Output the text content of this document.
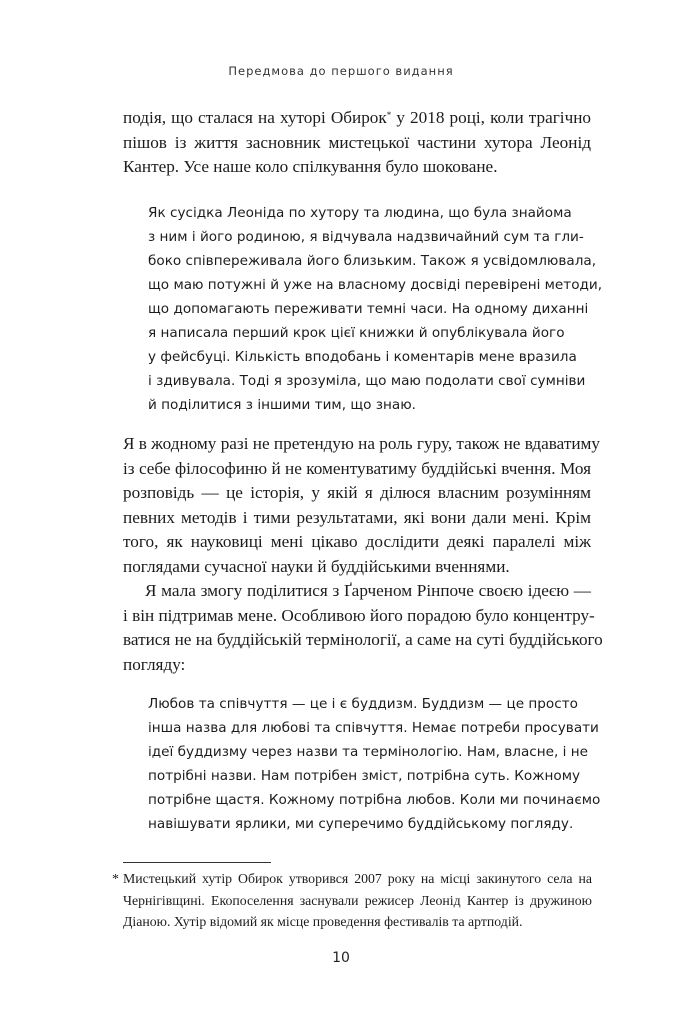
Передмова до першого видання
подія, що сталася на хуторі Обирок* у 2018 році, коли трагічно
пішов із життя засновник мистецької частини хутора Леонід
Кантер. Усе наше коло спілкування було шоковане.
Як сусідка Леоніда по хутору та людина, що була знайома
з ним і його родиною, я відчувала надзвичайний сум та гли-
боко співпереживала його близьким. Також я усвідомлювала,
що маю потужні й уже на власному досвіді перевірені методи,
що допомагають переживати темні часи. На одному диханні
я написала перший крок цієї книжки й опублікувала його
у фейсбуці. Кількість вподобань і коментарів мене вразила
і здивувала. Тоді я зрозуміла, що маю подолати свої сумніви
й поділитися з іншими тим, що знаю.
Я в жодному разі не претендую на роль гуру, також не вдаватиму
із себе філософиню й не коментуватиму буддійські вчення. Моя
розповідь — це історія, у якій я ділюся власним розумінням
певних методів і тими результатами, які вони дали мені. Крім
того, як науковиці мені цікаво дослідити деякі паралелі між
поглядами сучасної науки й буддійськими вченнями.
Я мала змогу поділитися з Ґарченом Рінпоче своєю ідеєю —
і він підтримав мене. Особливою його порадою було концентру-
ватися не на буддійській термінології, а саме на суті буддійського
погляду:
Любов та співчуття — це і є буддизм. Буддизм — це просто
інша назва для любові та співчуття. Немає потреби просувати
ідеї буддизму через назви та термінологію. Нам, власне, і не
потрібні назви. Нам потрібен зміст, потрібна суть. Кожному
потрібне щастя. Кожному потрібна любов. Коли ми починаємо
навішувати ярлики, ми суперечимо буддійському погляду.
* Мистецький хутір Обирок утворився 2007 року на місці закинутого села на
Чернігівщині. Екопоселення заснували режисер Леонід Кантер із дружиною
Діаною. Хутір відомий як місце проведення фестивалів та артподій.
10
